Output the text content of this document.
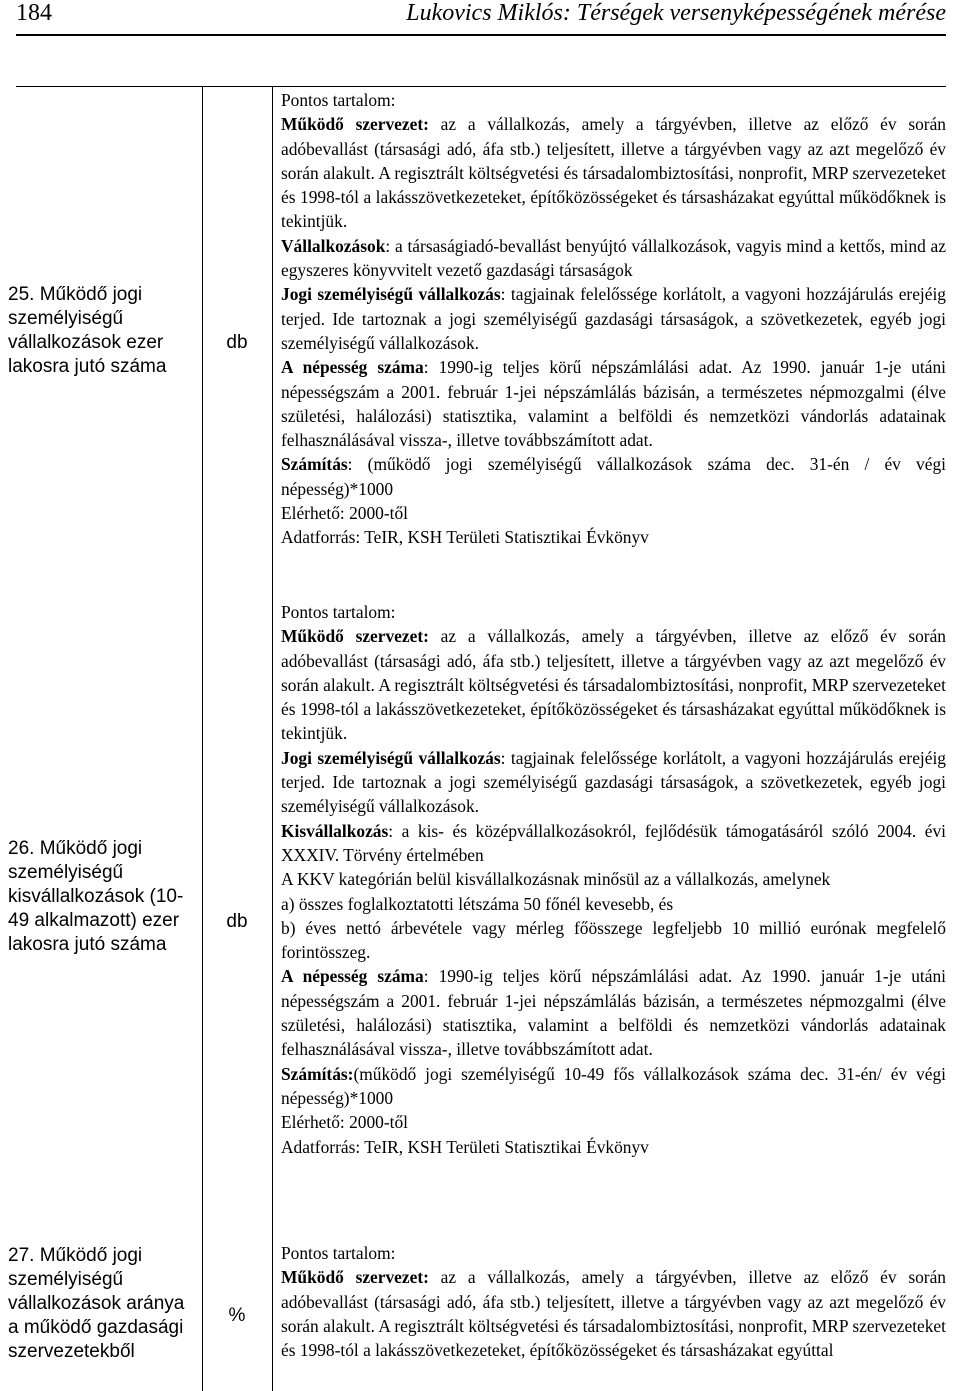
184	Lukovics Miklós: Térségek versenyképességének mérése
25. Működő jogi személyiségű vállalkozások ezer lakosra jutó száma
26. Működő jogi személyiségű kisvállalkozások (10-49 alkalmazott) ezer lakosra jutó száma
27. Működő jogi személyiségű vállalkozások aránya a működő gazdasági szervezetekből
db
db
%

Pontos tartalom:

Működő szervezet: az a vállalkozás, amely a tárgyévben, illetve az előző év során adóbevallást (társasági adó, áfa stb.) teljesített, illetve a tárgyévben vagy az azt megelőző év során alakult. A regisztrált költségvetési és társadalombiztosítási, nonprofit, MRP szervezeteket és 1998-tól a lakásszövetkezeteket, építőközösségeket és társasházakat egyúttal működőknek is tekintjük.

Vállalkozások: a társaságiadó-bevallást benyújtó vállalkozások, vagyis mind a kettős, mind az egyszeres könyvvitelt vezető gazdasági társaságok

Jogi személyiségű vállalkozás: tagjainak felelőssége korlátolt, a vagyoni hozzájárulás erejéig terjed. Ide tartoznak a jogi személyiségű gazdasági társaságok, a szövetkezetek, egyéb jogi személyiségű vállalkozások.

A népesség száma: 1990-ig teljes körű népszámlálási adat. Az 1990. január 1-je utáni népességszám a 2001. február 1-jei népszámlálás bázisán, a természetes népmozgalmi (élve születési, halálozási) statisztika, valamint a belföldi és nemzetközi vándorlás adatainak felhasználásával vissza-, illetve továbbszámított adat.

Számítás: (működő jogi személyiségű vállalkozások száma dec. 31-én / év végi népesség)*1000

Elérhető: 2000-től

Adatforrás: TeIR, KSH Területi Statisztikai Évkönyv

Pontos tartalom:

Működő szervezet: az a vállalkozás, amely a tárgyévben, illetve az előző év során adóbevallást (társasági adó, áfa stb.) teljesített, illetve a tárgyévben vagy az azt megelőző év során alakult. A regisztrált költségvetési és társadalombiztosítási, nonprofit, MRP szervezeteket és 1998-tól a lakásszövetkezeteket, építőközösségeket és társasházakat egyúttal működőknek is tekintjük.

Jogi személyiségű vállalkozás: tagjainak felelőssége korlátolt, a vagyoni hozzájárulás erejéig terjed. Ide tartoznak a jogi személyiségű gazdasági társaságok, a szövetkezetek, egyéb jogi személyiségű vállalkozások.

Kisvállalkozás: a kis- és középvállalkozásokról, fejlődésük támogatásáról szóló 2004. évi XXXIV. Törvény értelmében

A KKV kategórián belül kisvállalkozásnak minősül az a vállalkozás, amelynek

a) összes foglalkoztatotti létszáma 50 főnél kevesebb, és

b) éves nettó árbevétele vagy mérleg főösszege legfeljebb 10 millió eurónak megfelelő forintösszeg.

A népesség száma: 1990-ig teljes körű népszámlálási adat. Az 1990. január 1-je utáni népességszám a 2001. február 1-jei népszámlálás bázisán, a természetes népmozgalmi (élve születési, halálozási) statisztika, valamint a belföldi és nemzetközi vándorlás adatainak felhasználásával vissza-, illetve továbbszámított adat.

Számítás:(működő jogi személyiségű 10-49 fős vállalkozások száma dec. 31-én/ év végi népesség)*1000

Elérhető: 2000-től

Adatforrás: TeIR, KSH Területi Statisztikai Évkönyv

Pontos tartalom:

Működő szervezet: az a vállalkozás, amely a tárgyévben, illetve az előző év során adóbevallást (társasági adó, áfa stb.) teljesített, illetve a tárgyévben vagy az azt megelőző év során alakult. A regisztrált költségvetési és társadalombiztosítási, nonprofit, MRP szervezeteket és 1998-tól a lakásszövetkezeteket, építőközösségeket és társasházakat egyúttal
